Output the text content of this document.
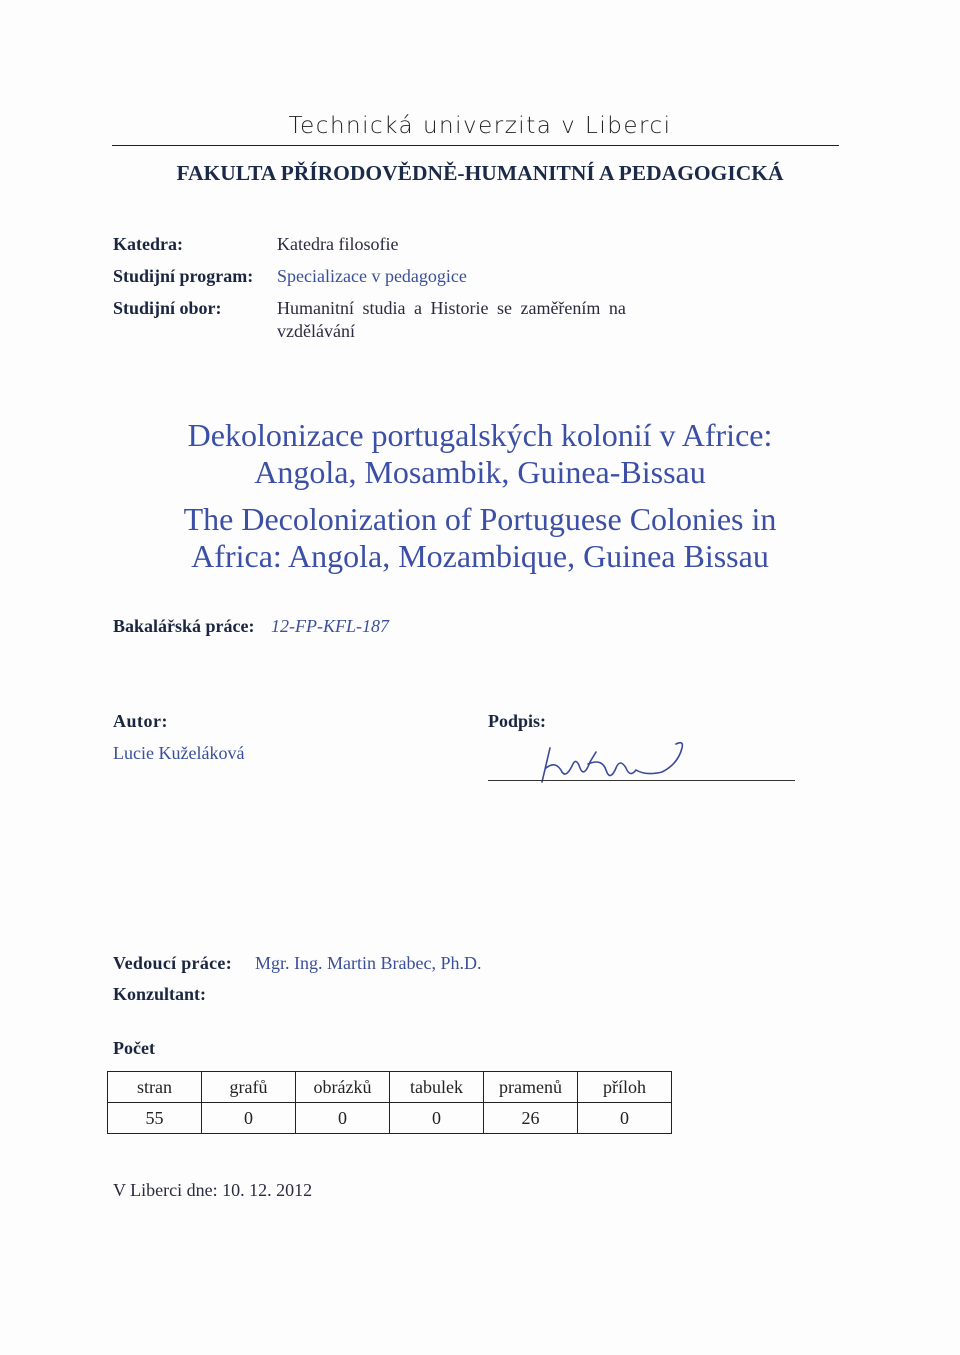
Technická univerzita v Liberci
FAKULTA PŘÍRODOVĚDNĚ-HUMANITNÍ A PEDAGOGICKÁ
Katedra:	Katedra filosofie
Studijní program: Specializace v pedagogice
Studijní obor:	Humanitní studia a Historie se zaměřením na
vzdělávání
Dekolonizace portugalských kolonií v Africe:
Angola, Mosambik, Guinea-Bissau
The Decolonization of Portuguese Colonies in
Africa: Angola, Mozambique, Guinea Bissau
Bakalářská práce: 12-FP-KFL-187
Autor:
Lucie Kuželáková
Podpis:
Vedoucí práce: Mgr. Ing. Martin Brabec, Ph.D.
Konzultant:
Počet
stran	grafů	obrázků	tabulek	pramenů	příloh
55	0	0	0	26	0
V Liberci dne: 10. 12. 2012
